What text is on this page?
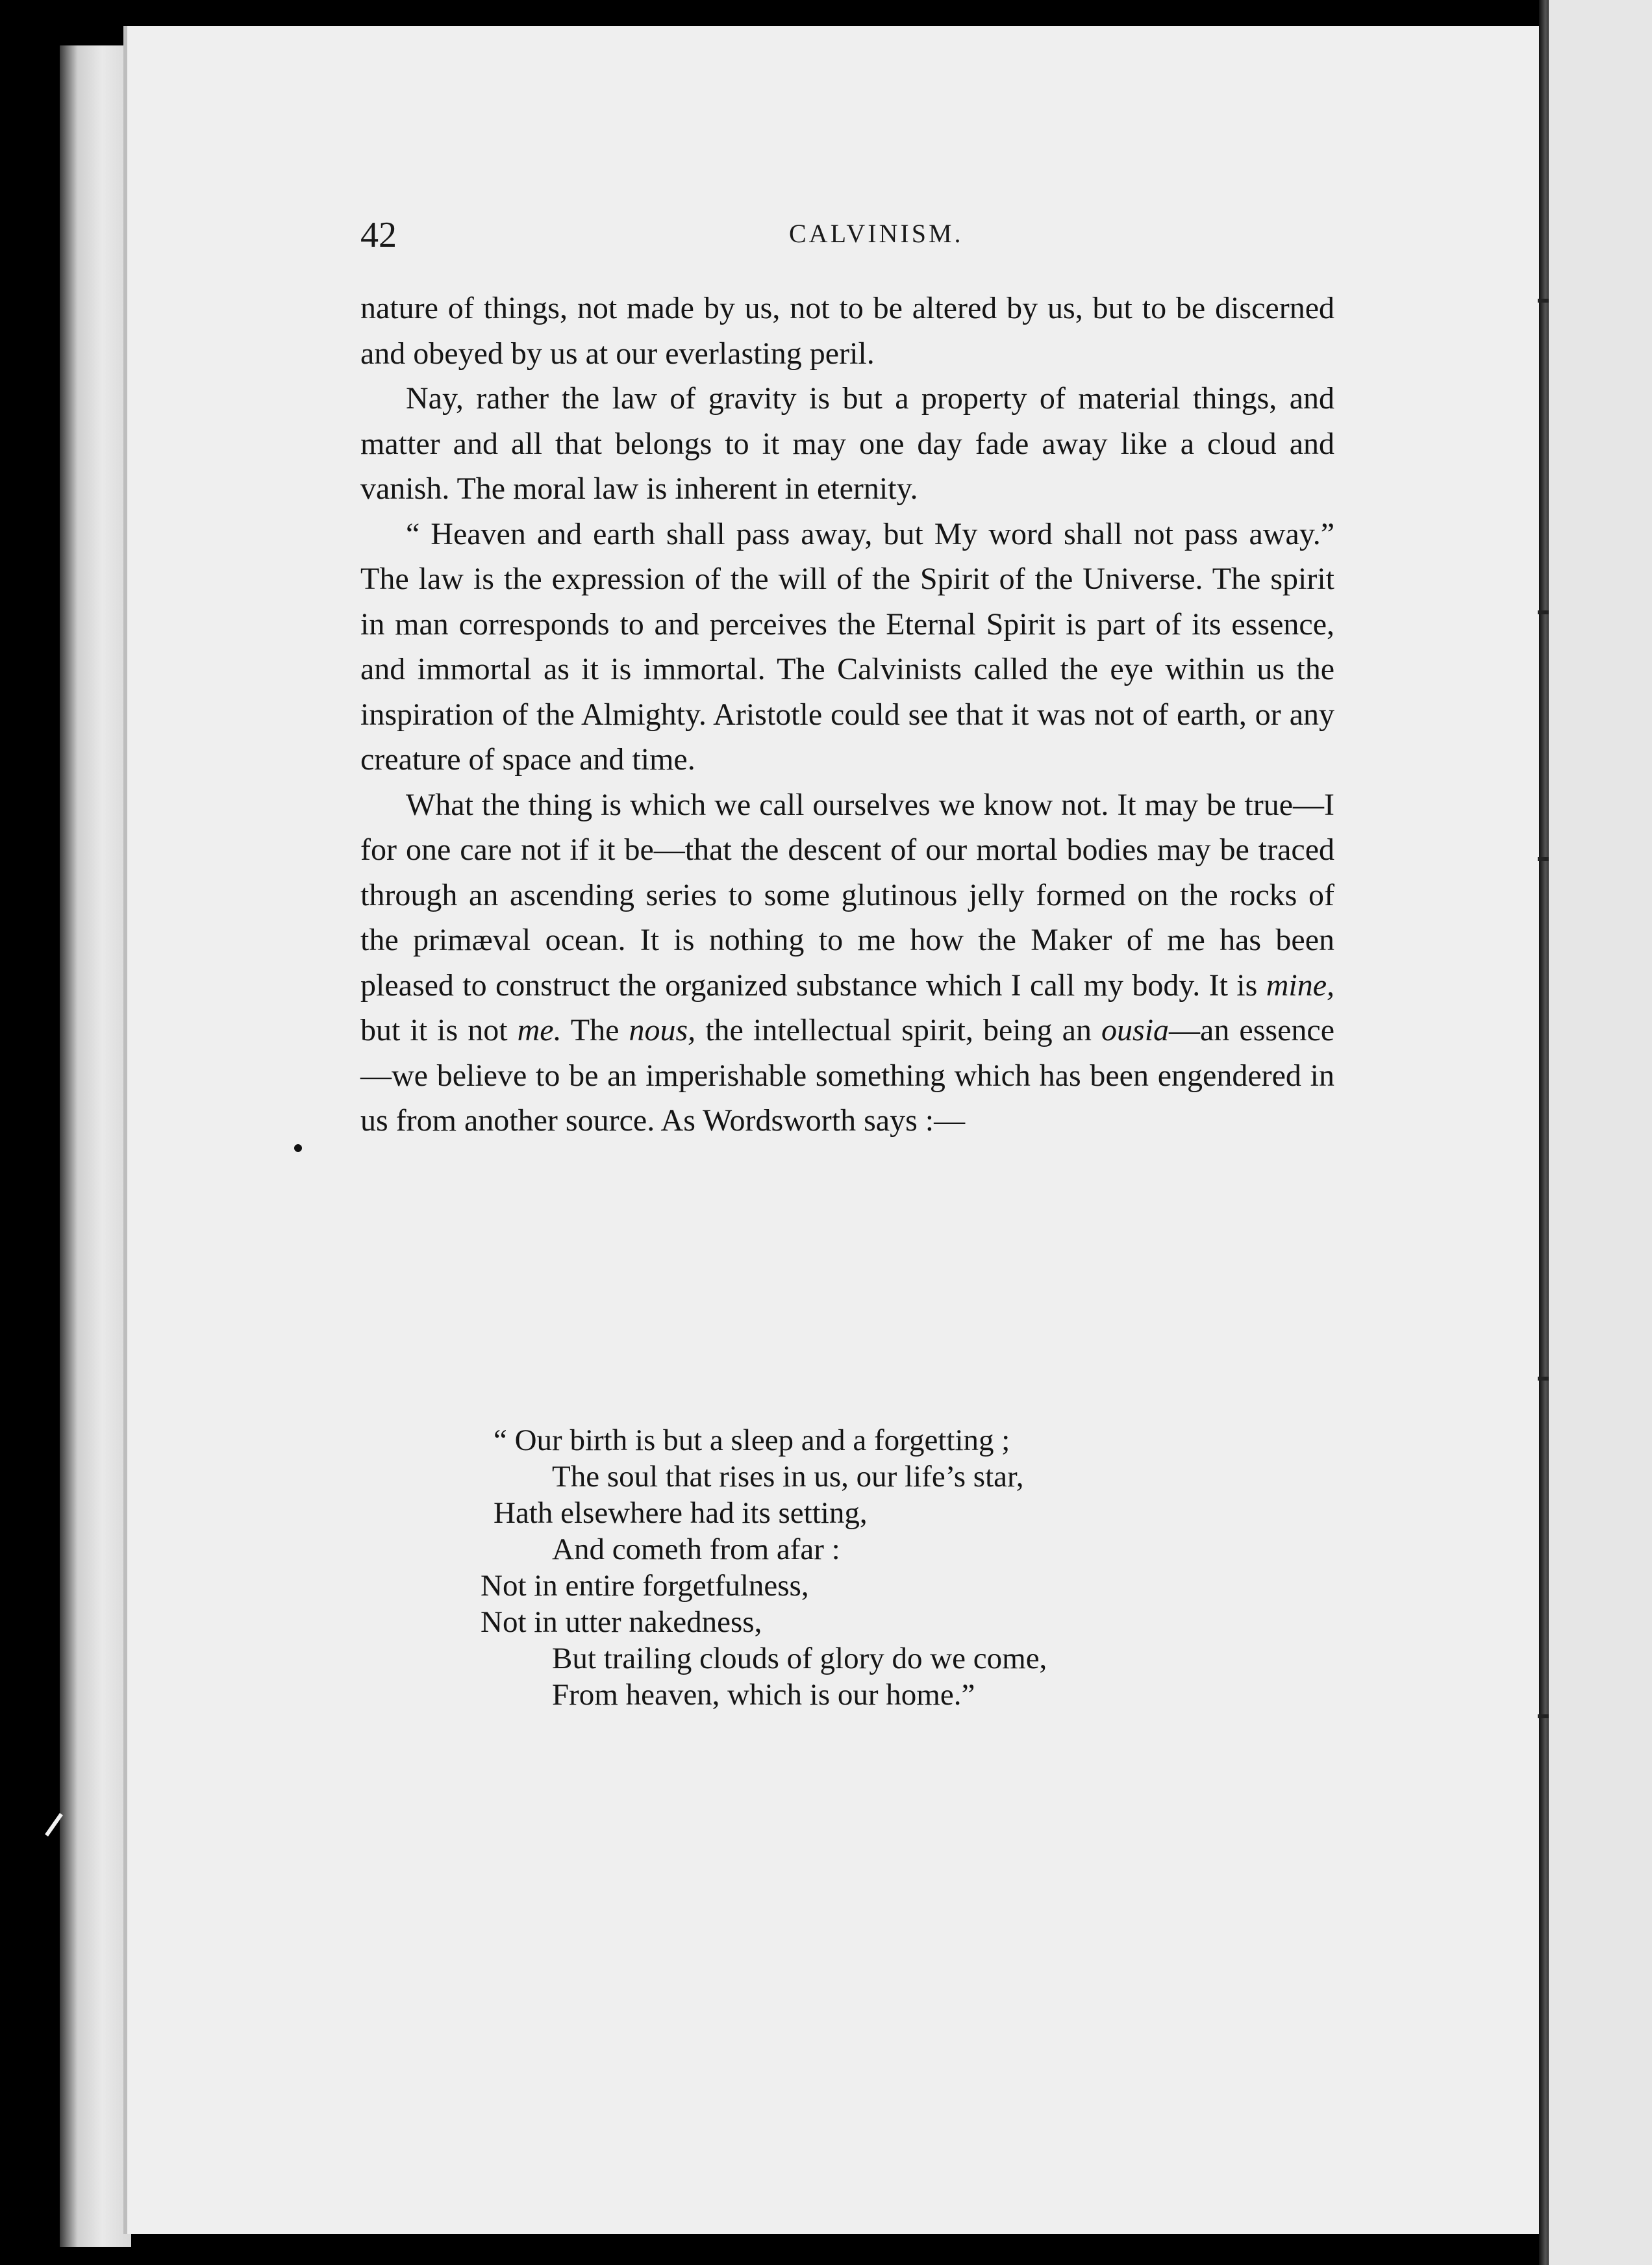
42	CALVINISM.

nature of things, not made by us, not to be altered by us, but to be discerned and obeyed by us at our everlasting peril.

Nay, rather the law of gravity is but a property of material things, and matter and all that belongs to it may one day fade away like a cloud and vanish. The moral law is inherent in eternity.

“ Heaven and earth shall pass away, but My word shall not pass away.” The law is the expression of the will of the Spirit of the Universe. The spirit in man corresponds to and perceives the Eternal Spirit is part of its essence, and immortal as it is immortal. The Calvinists called the eye within us the inspiration of the Almighty. Aristotle could see that it was not of earth, or any creature of space and time.

What the thing is which we call ourselves we know not. It may be true—I for one care not if it be—that the descent of our mortal bodies may be traced through an ascending series to some glutinous jelly formed on the rocks of the primæval ocean. It is nothing to me how the Maker of me has been pleased to construct the organized substance which I call my body. It is mine, but it is not me. The nous, the intellectual spirit, being an ousia—an essence—we believe to be an imperishable something which has been engendered in us from another source. As Wordsworth says :—

“ Our birth is but a sleep and a forgetting ;
The soul that rises in us, our life’s star,
Hath elsewhere had its setting,
And cometh from afar :
Not in entire forgetfulness,
Not in utter nakedness,
But trailing clouds of glory do we come,
From heaven, which is our home.”
